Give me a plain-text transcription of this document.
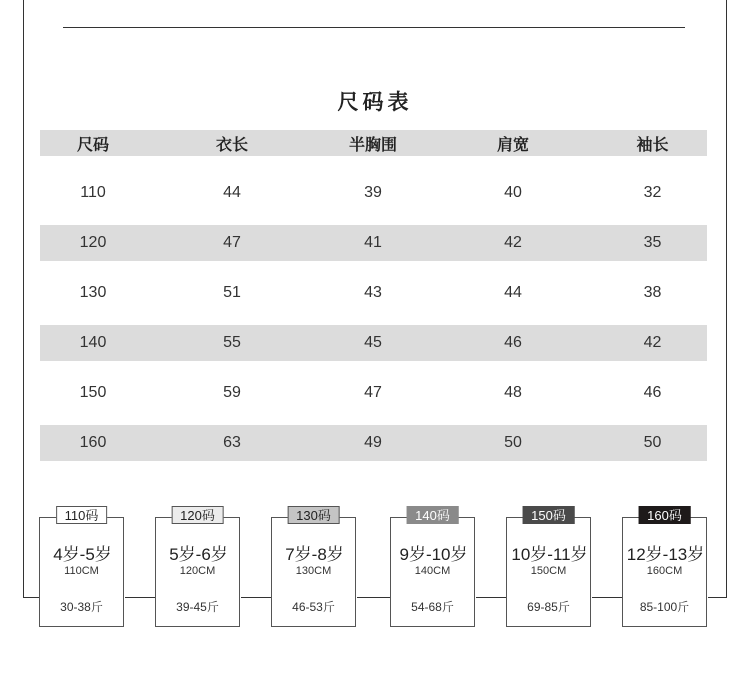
尺码表
尺码	衣长	半胸围	肩宽	袖长
110	44	39	40	32
120	47	41	42	35
130	51	43	44	38
140	55	45	46	42
150	59	47	48	46
160	63	49	50	50
110码
4岁-5岁
110CM
30-38斤
120码
5岁-6岁
120CM
39-45斤
130码
7岁-8岁
130CM
46-53斤
140码
9岁-10岁
140CM
54-68斤
150码
10岁-11岁
150CM
69-85斤
160码
12岁-13岁
160CM
85-100斤
